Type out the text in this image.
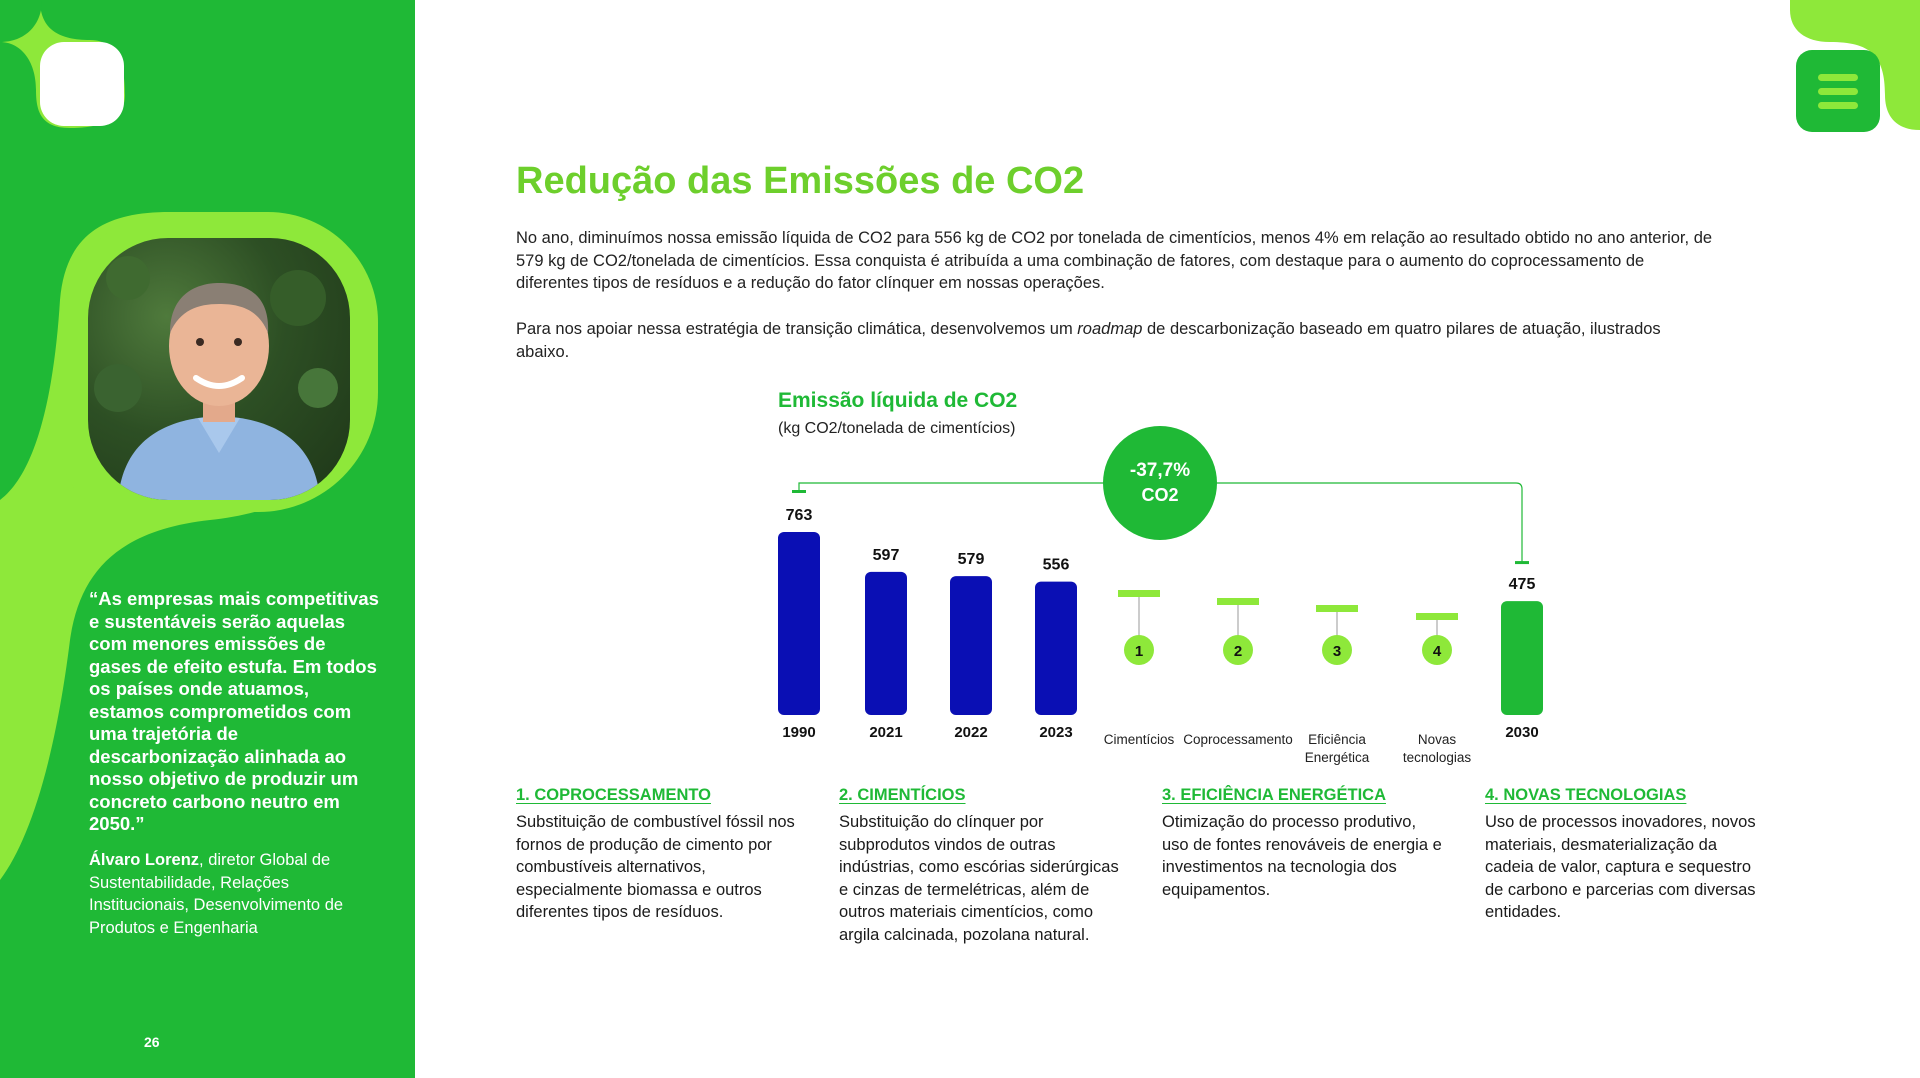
“As empresas mais competitivas e sustentáveis serão aquelas com menores emissões de gases de efeito estufa. Em todos os países onde atuamos, estamos comprometidos com uma trajetória de descarbonização alinhada ao nosso objetivo de produzir um concreto carbono neutro em 2050.”

Álvaro Lorenz, diretor Global de Sustentabilidade, Relações Institucionais, Desenvolvimento de Produtos e Engenharia

26
Redução das Emissões de CO2

No ano, diminuímos nossa emissão líquida de CO2 para 556 kg de CO2 por tonelada de cimentícios, menos 4% em relação ao resultado obtido no ano anterior, de 579 kg de CO2/tonelada de cimentícios. Essa conquista é atribuída a uma combinação de fatores, com destaque para o aumento do coprocessamento de diferentes tipos de resíduos e a redução do fator clínquer em nossas operações.

Para nos apoiar nessa estratégia de transição climática, desenvolvemos um roadmap de descarbonização baseado em quatro pilares de atuação, ilustrados abaixo.

Emissão líquida de CO2

(kg CO2/tonelada de cimentícios)

763
1990
597
2021
579
2022
556
2023
475
2030
-37,7%
CO2
1
Cimentícios
2
Coprocessamento
3
Eficiência
Energética
4
Novas
tecnologias
1. COPROCESSAMENTO

Substituição de combustível fóssil nos fornos de produção de cimento por combustíveis alternativos, especialmente biomassa e outros diferentes tipos de resíduos.

2. CIMENTÍCIOS

Substituição do clínquer por subprodutos vindos de outras indústrias, como escórias siderúrgicas e cinzas de termelétricas, além de outros materiais cimentícios, como argila calcinada, pozolana natural.

3. EFICIÊNCIA ENERGÉTICA

Otimização do processo produtivo, uso de fontes renováveis de energia e investimentos na tecnologia dos equipamentos.

4. NOVAS TECNOLOGIAS

Uso de processos inovadores, novos materiais, desmaterialização da cadeia de valor, captura e sequestro de carbono e parcerias com diversas entidades.
